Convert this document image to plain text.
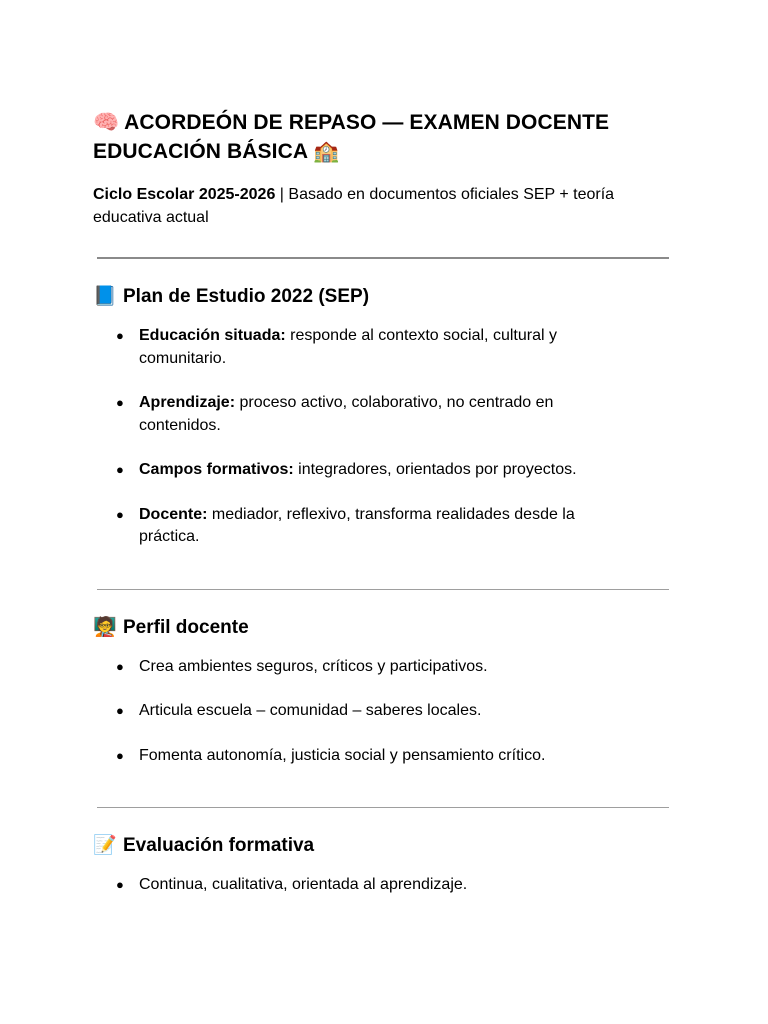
🧠 ACORDEÓN DE REPASO — EXAMEN DOCENTE EDUCACIÓN BÁSICA 🏫

Ciclo Escolar 2025-2026 | Basado en documentos oficiales SEP + teoría educativa actual

📘 Plan de Estudio 2022 (SEP)
● Educación situada: responde al contexto social, cultural y comunitario.
● Aprendizaje: proceso activo, colaborativo, no centrado en contenidos.
● Campos formativos: integradores, orientados por proyectos.
● Docente: mediador, reflexivo, transforma realidades desde la práctica.
🧑‍🏫 Perfil docente
● Crea ambientes seguros, críticos y participativos.
● Articula escuela – comunidad – saberes locales.
● Fomenta autonomía, justicia social y pensamiento crítico.
📝 Evaluación formativa
● Continua, cualitativa, orientada al aprendizaje.
